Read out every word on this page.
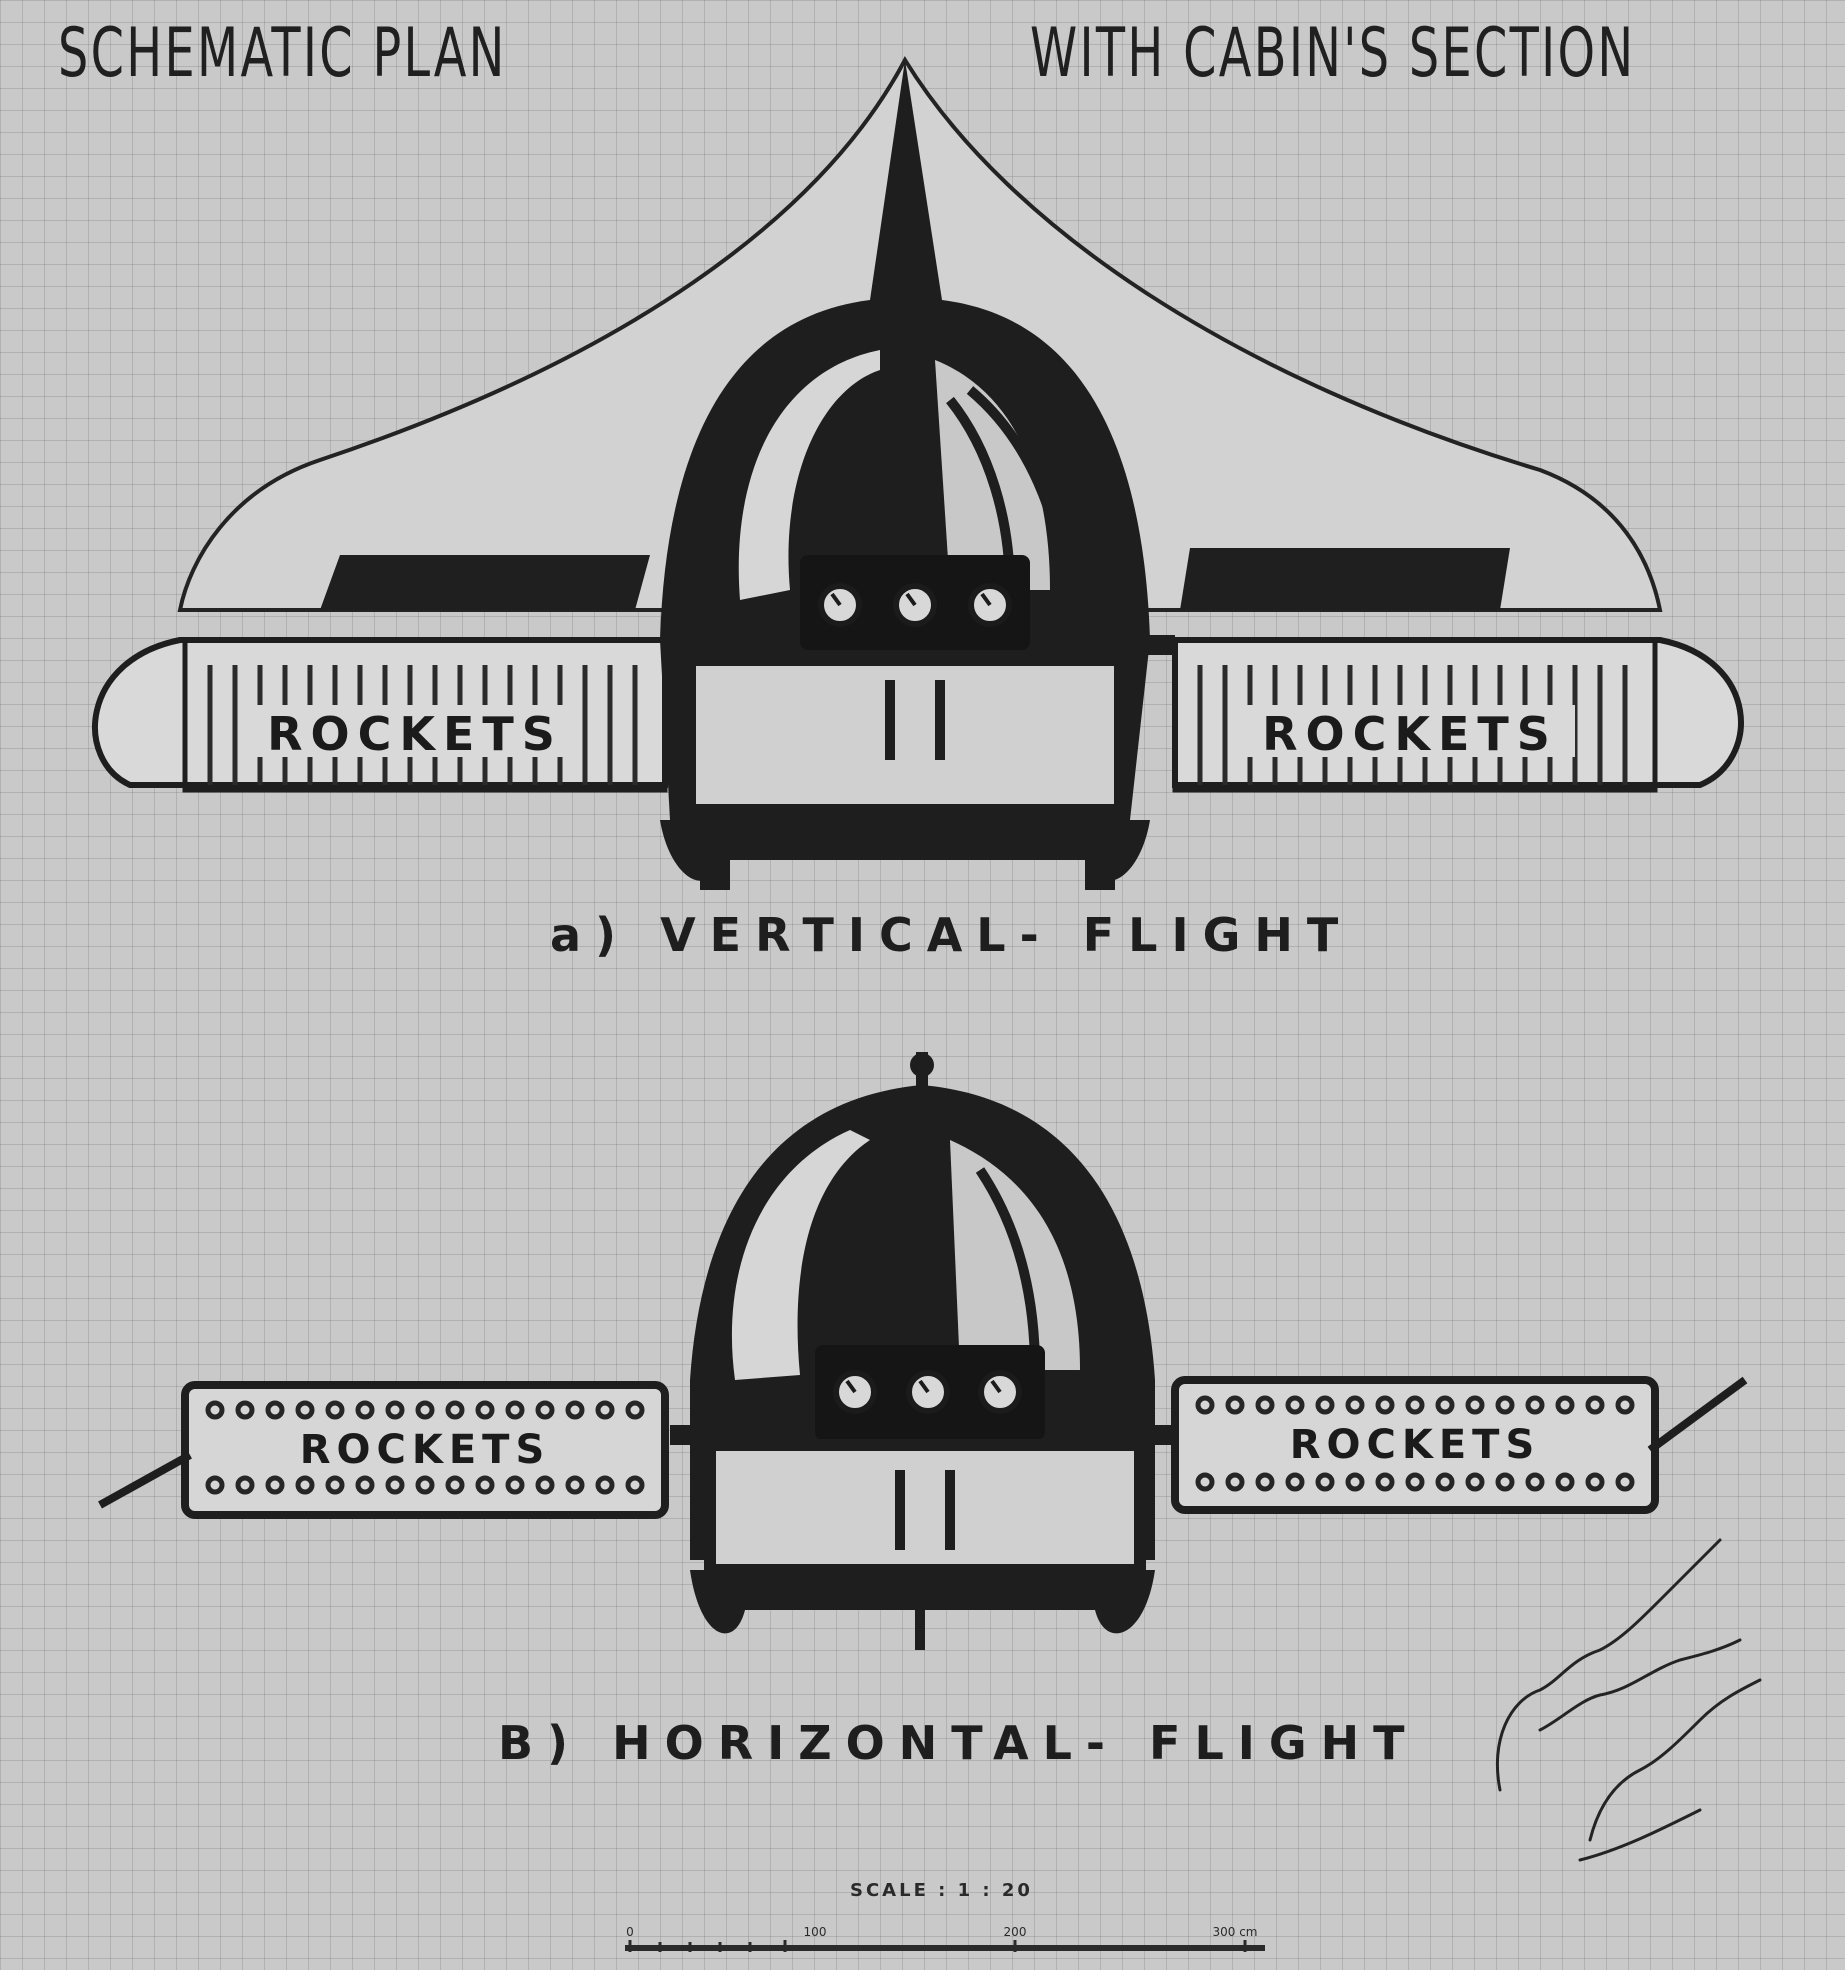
SCHEMATIC PLAN	WITH CABIN'S SECTION
ROCKETS	ROCKETS
ROCKETS	ROCKETS
0	100	200	300 cm
a) VERTICAL- FLIGHT
B) HORIZONTAL- FLIGHT
SCALE : 1 : 20
